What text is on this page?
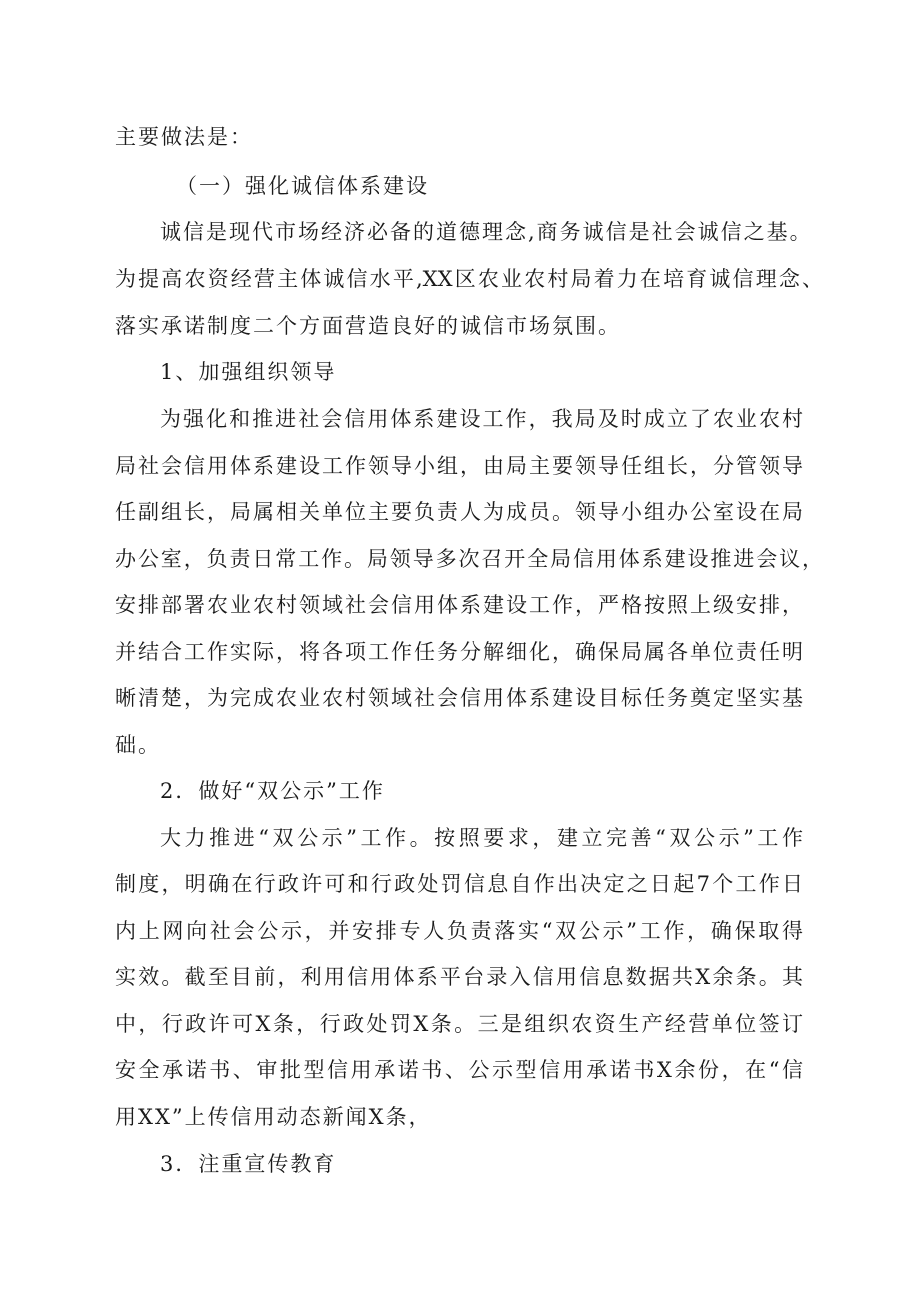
主要做法是：
（一）强化诚信体系建设
诚信是现代市场经济必备的道德理念,商务诚信是社会诚信之基。
为提高农资经营主体诚信水平,XX区农业农村局着力在培育诚信理念、
落实承诺制度二个方面营造良好的诚信市场氛围。
1、加强组织领导
为强化和推进社会信用体系建设工作，我局及时成立了农业农村
局社会信用体系建设工作领导小组，由局主要领导任组长，分管领导
任副组长，局属相关单位主要负责人为成员。领导小组办公室设在局
办公室，负责日常工作。局领导多次召开全局信用体系建设推进会议，
安排部署农业农村领域社会信用体系建设工作，严格按照上级安排，
并结合工作实际，将各项工作任务分解细化，确保局属各单位责任明
晰清楚，为完成农业农村领域社会信用体系建设目标任务奠定坚实基
础。
2．做好“双公示”工作
大力推进“双公示”工作。按照要求，建立完善“双公示”工作
制度，明确在行政许可和行政处罚信息自作出决定之日起7个工作日
内上网向社会公示，并安排专人负责落实“双公示”工作，确保取得
实效。截至目前，利用信用体系平台录入信用信息数据共X余条。其
中，行政许可X条，行政处罚X条。三是组织农资生产经营单位签订
安全承诺书、审批型信用承诺书、公示型信用承诺书X余份，在“信
用XX”上传信用动态新闻X条，
3．注重宣传教育
